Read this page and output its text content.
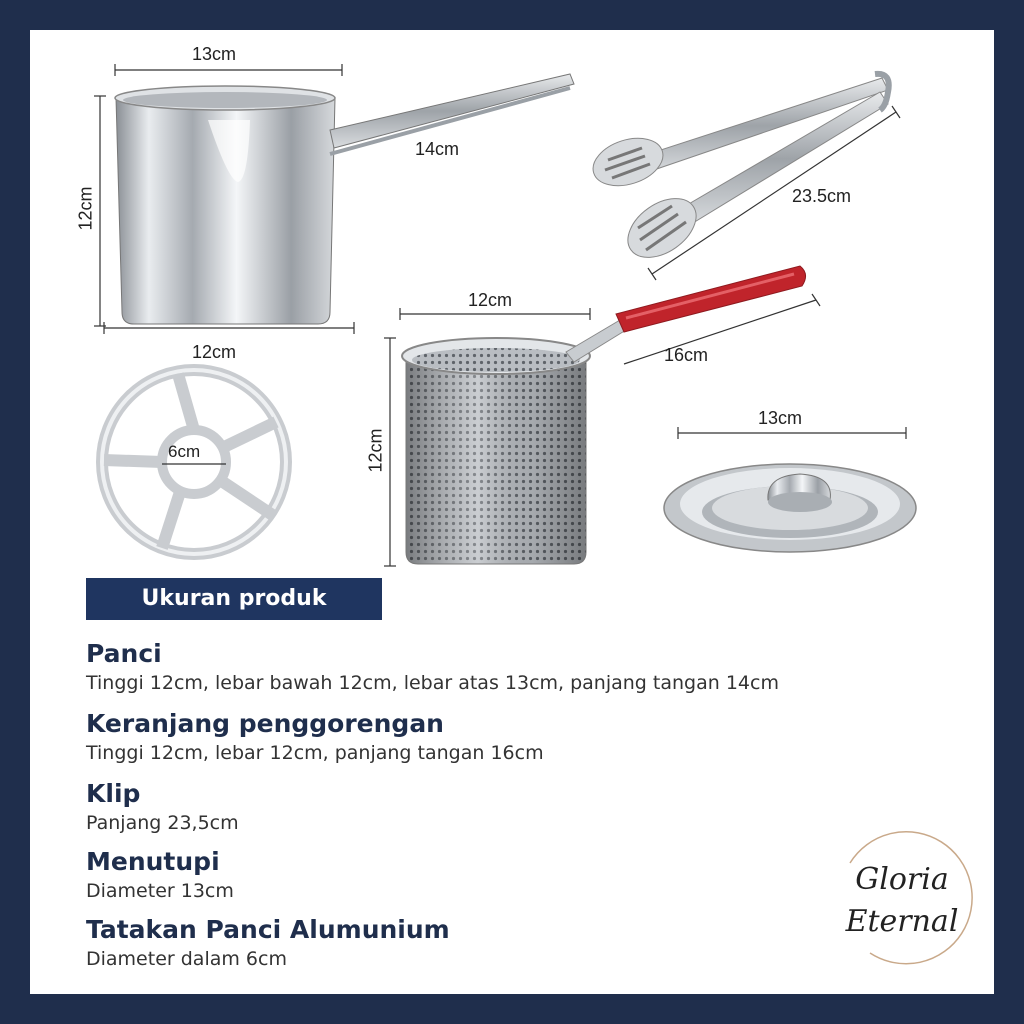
13cm
14cm
12cm
12cm
23.5cm
6cm
12cm
16cm
12cm
13cm
Ukuran produk
Panci

Tinggi 12cm, lebar bawah 12cm, lebar atas 13cm, panjang tangan 14cm

Keranjang penggorengan

Tinggi 12cm, lebar 12cm, panjang tangan 16cm

Klip

Panjang 23,5cm

Menutupi

Diameter 13cm

Tatakan Panci Alumunium

Diameter dalam 6cm

Gloria
Eternal
